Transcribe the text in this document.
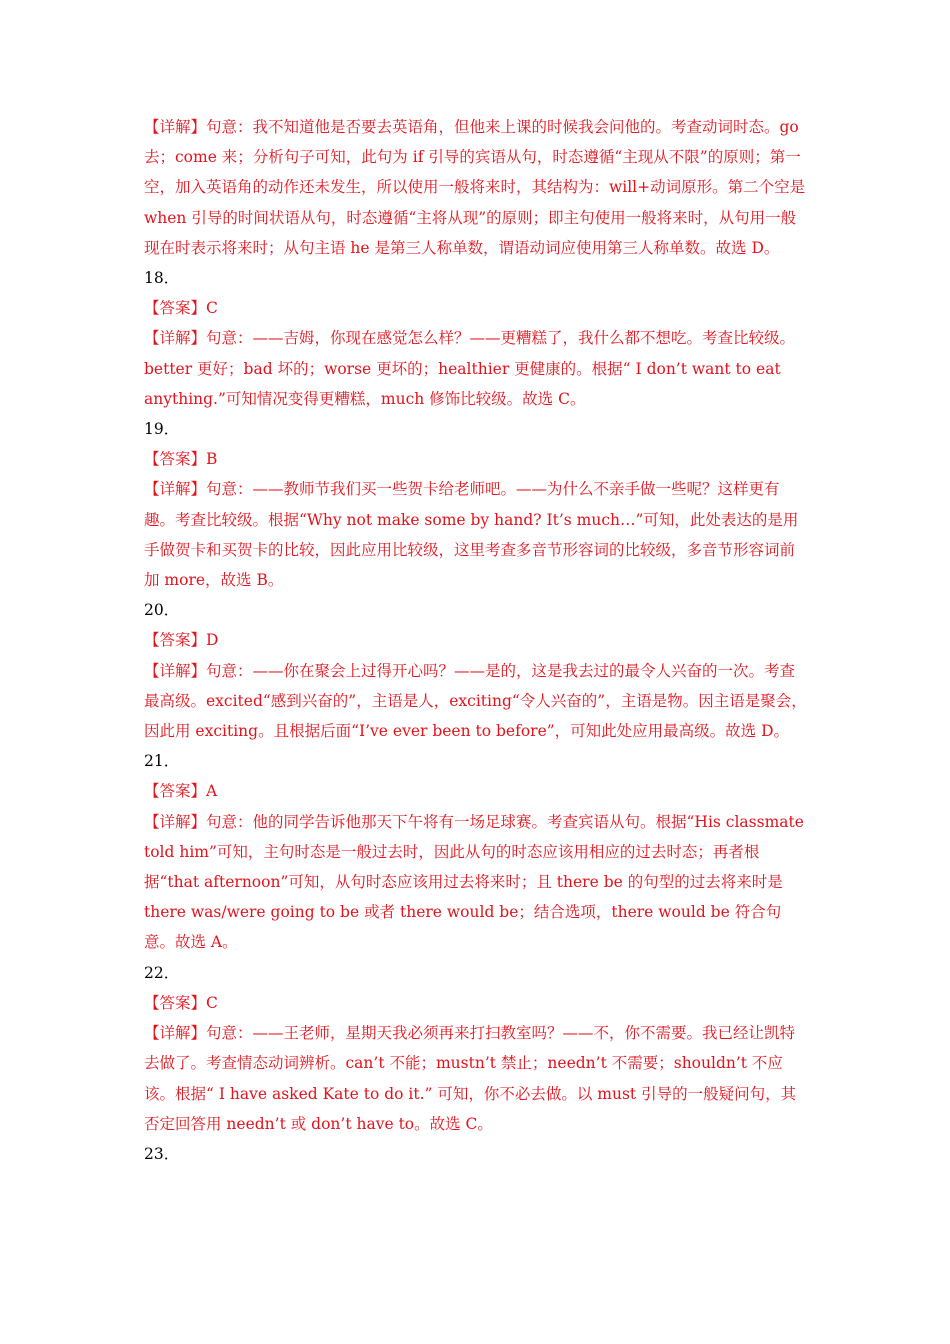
【详解】句意：我不知道他是否要去英语角，但他来上课的时候我会问他的。考查动词时态。go 去；come 来；分析句子可知，此句为 if 引导的宾语从句，时态遵循“主现从不限”的原则；第一空，加入英语角的动作还未发生，所以使用一般将来时，其结构为：will+动词原形。第二个空是 when 引导的时间状语从句，时态遵循“主将从现”的原则；即主句使用一般将来时，从句用一般现在时表示将来时；从句主语 he 是第三人称单数，谓语动词应使用第三人称单数。故选 D。

18．

【答案】C

【详解】句意：——吉姆，你现在感觉怎么样？——更糟糕了，我什么都不想吃。考查比较级。better 更好；bad 坏的；worse 更坏的；healthier 更健康的。根据“ I don’t want to eat anything.”可知情况变得更糟糕，much 修饰比较级。故选 C。

19．

【答案】B

【详解】句意：——教师节我们买一些贺卡给老师吧。——为什么不亲手做一些呢？这样更有趣。考查比较级。根据“Why not make some by hand? It’s much…”可知，此处表达的是用手做贺卡和买贺卡的比较，因此应用比较级，这里考查多音节形容词的比较级，多音节形容词前加 more，故选 B。

20．

【答案】D

【详解】句意：——你在聚会上过得开心吗？——是的，这是我去过的最令人兴奋的一次。考查最高级。excited“感到兴奋的”，主语是人，exciting“令人兴奋的”，主语是物。因主语是聚会，因此用 exciting。且根据后面“I’ve ever been to before”，可知此处应用最高级。故选 D。

21．

【答案】A

【详解】句意：他的同学告诉他那天下午将有一场足球赛。考查宾语从句。根据“His classmate told him”可知，主句时态是一般过去时，因此从句的时态应该用相应的过去时态；再者根据“that afternoon”可知，从句时态应该用过去将来时；且 there be 的句型的过去将来时是 there was/were going to be 或者 there would be；结合选项，there would be 符合句意。故选 A。

22．

【答案】C

【详解】句意：——王老师，星期天我必须再来打扫教室吗？——不，你不需要。我已经让凯特去做了。考查情态动词辨析。can’t 不能；mustn’t 禁止；needn’t 不需要；shouldn’t 不应该。根据“ I have asked Kate to do it.” 可知，你不必去做。以 must 引导的一般疑问句，其否定回答用 needn’t 或 don’t have to。故选 C。

23．
